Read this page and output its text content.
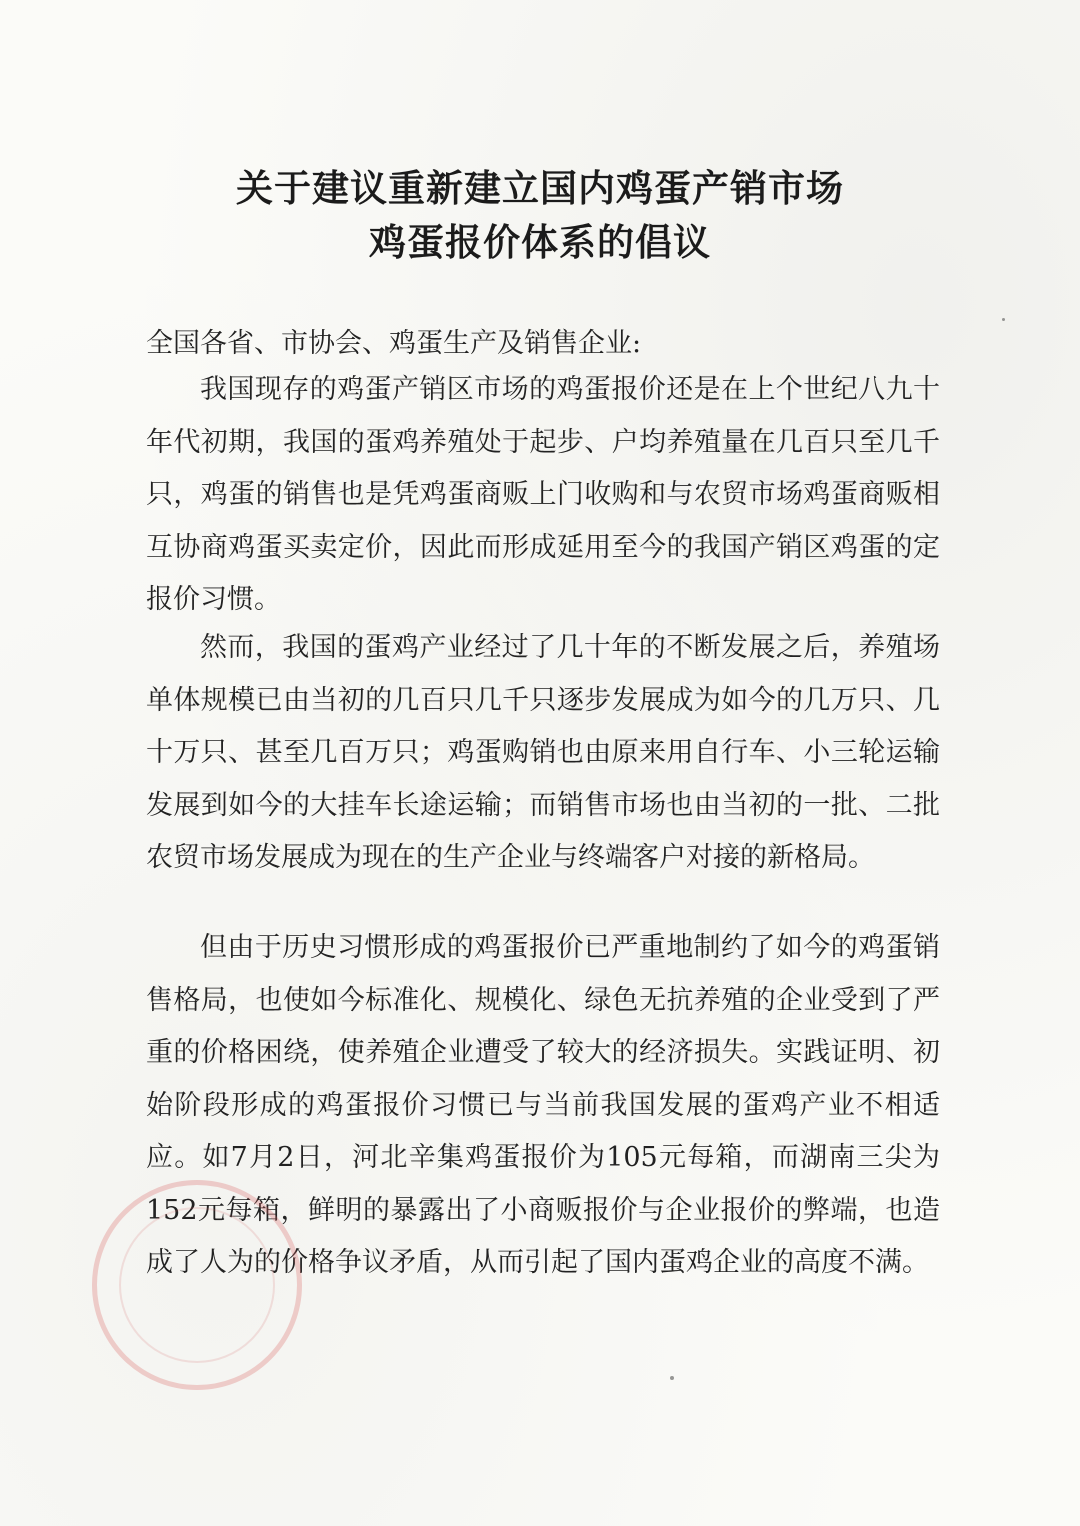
关于建议重新建立国内鸡蛋产销市场
鸡蛋报价体系的倡议

全国各省、市协会、鸡蛋生产及销售企业:

我国现存的鸡蛋产销区市场的鸡蛋报价还是在上个世纪八九十年代初期，我国的蛋鸡养殖处于起步、户均养殖量在几百只至几千只，鸡蛋的销售也是凭鸡蛋商贩上门收购和与农贸市场鸡蛋商贩相互协商鸡蛋买卖定价，因此而形成延用至今的我国产销区鸡蛋的定报价习惯。

然而，我国的蛋鸡产业经过了几十年的不断发展之后，养殖场单体规模已由当初的几百只几千只逐步发展成为如今的几万只、几十万只、甚至几百万只；鸡蛋购销也由原来用自行车、小三轮运输发展到如今的大挂车长途运输；而销售市场也由当初的一批、二批农贸市场发展成为现在的生产企业与终端客户对接的新格局。

但由于历史习惯形成的鸡蛋报价已严重地制约了如今的鸡蛋销售格局，也使如今标准化、规模化、绿色无抗养殖的企业受到了严重的价格困绕，使养殖企业遭受了较大的经济损失。实践证明、初始阶段形成的鸡蛋报价习惯已与当前我国发展的蛋鸡产业不相适应。如7月2日，河北辛集鸡蛋报价为105元每箱，而湖南三尖为152元每箱，鲜明的暴露出了小商贩报价与企业报价的弊端，也造成了人为的价格争议矛盾，从而引起了国内蛋鸡企业的高度不满。
